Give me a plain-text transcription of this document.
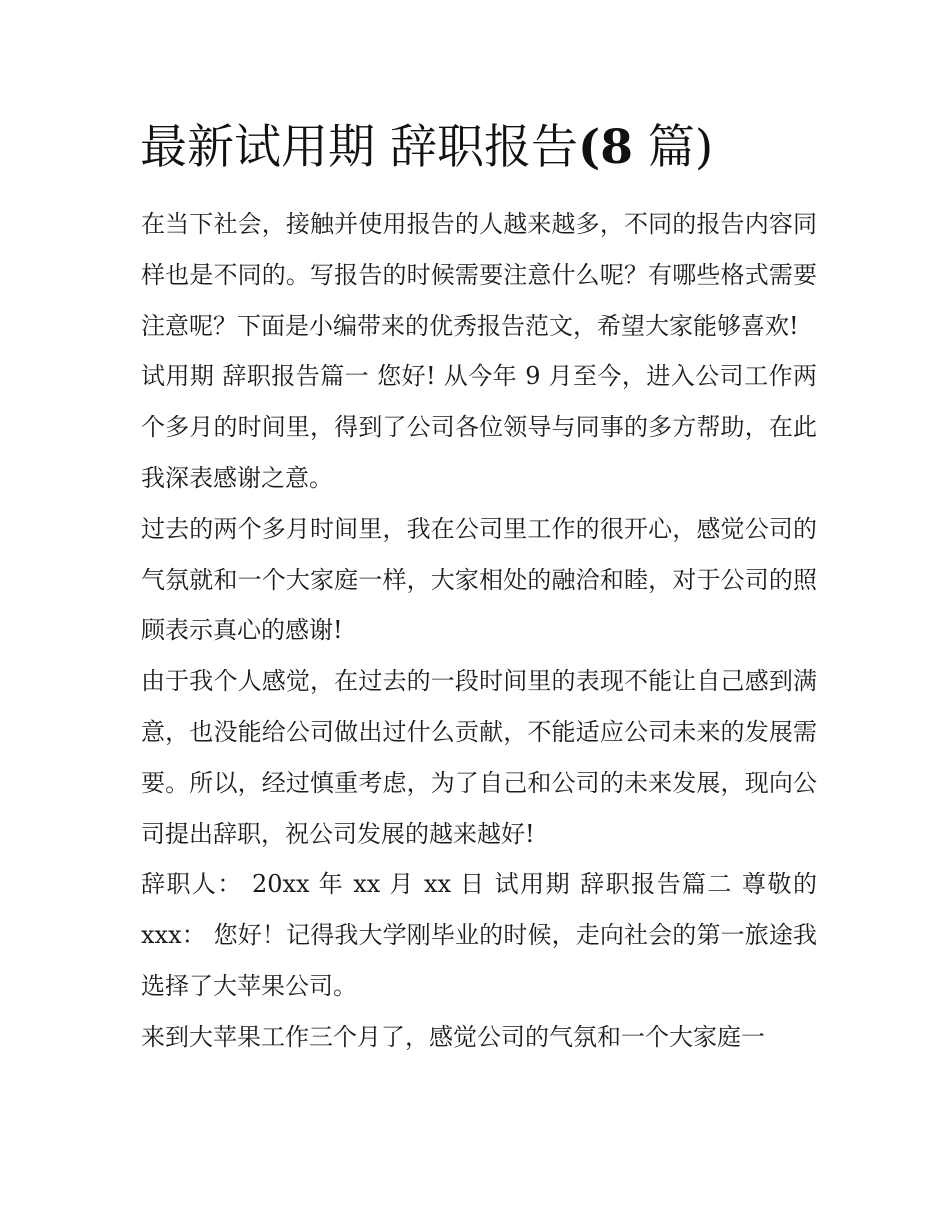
最新试用期 辞职报告(8 篇)

在当下社会，接触并使用报告的人越来越多，不同的报告内容同样也是不同的。写报告的时候需要注意什么呢？有哪些格式需要注意呢？下面是小编带来的优秀报告范文，希望大家能够喜欢!

试用期 辞职报告篇一 您好! 从今年 9 月至今，进入公司工作两个多月的时间里，得到了公司各位领导与同事的多方帮助，在此我深表感谢之意。

过去的两个多月时间里，我在公司里工作的很开心，感觉公司的气氛就和一个大家庭一样，大家相处的融洽和睦，对于公司的照顾表示真心的感谢!

由于我个人感觉，在过去的一段时间里的表现不能让自己感到满意，也没能给公司做出过什么贡献，不能适应公司未来的发展需要。所以，经过慎重考虑，为了自己和公司的未来发展，现向公司提出辞职，祝公司发展的越来越好!

辞职人： 20xx 年 xx 月 xx 日 试用期 辞职报告篇二 尊敬的xxx： 您好！记得我大学刚毕业的时候，走向社会的第一旅途我选择了大苹果公司。

来到大苹果工作三个月了，感觉公司的气氛和一个大家庭一
